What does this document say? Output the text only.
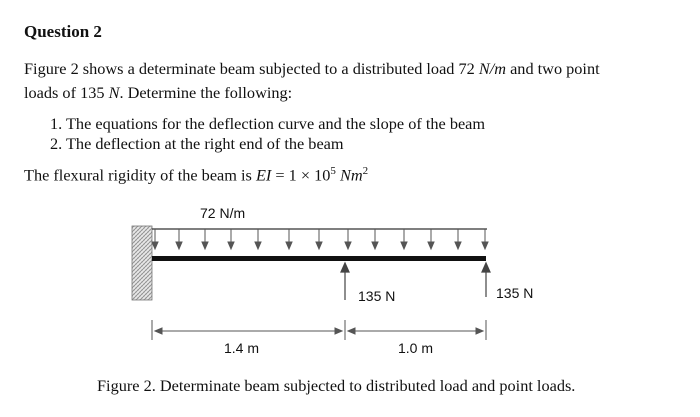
Question 2
Figure 2 shows a determinate beam subjected to a distributed load 72 N/m and two point
loads of 135 N. Determine the following:
1. The equations for the deflection curve and the slope of the beam
2. The deflection at the right end of the beam
The flexural rigidity of the beam is EI = $1 \times 10^5$ Nm$^2$
72 N/m
135 N	135 N
1.4 m	1.0 m
Figure 2. Determinate beam subjected to distributed load and point loads.
